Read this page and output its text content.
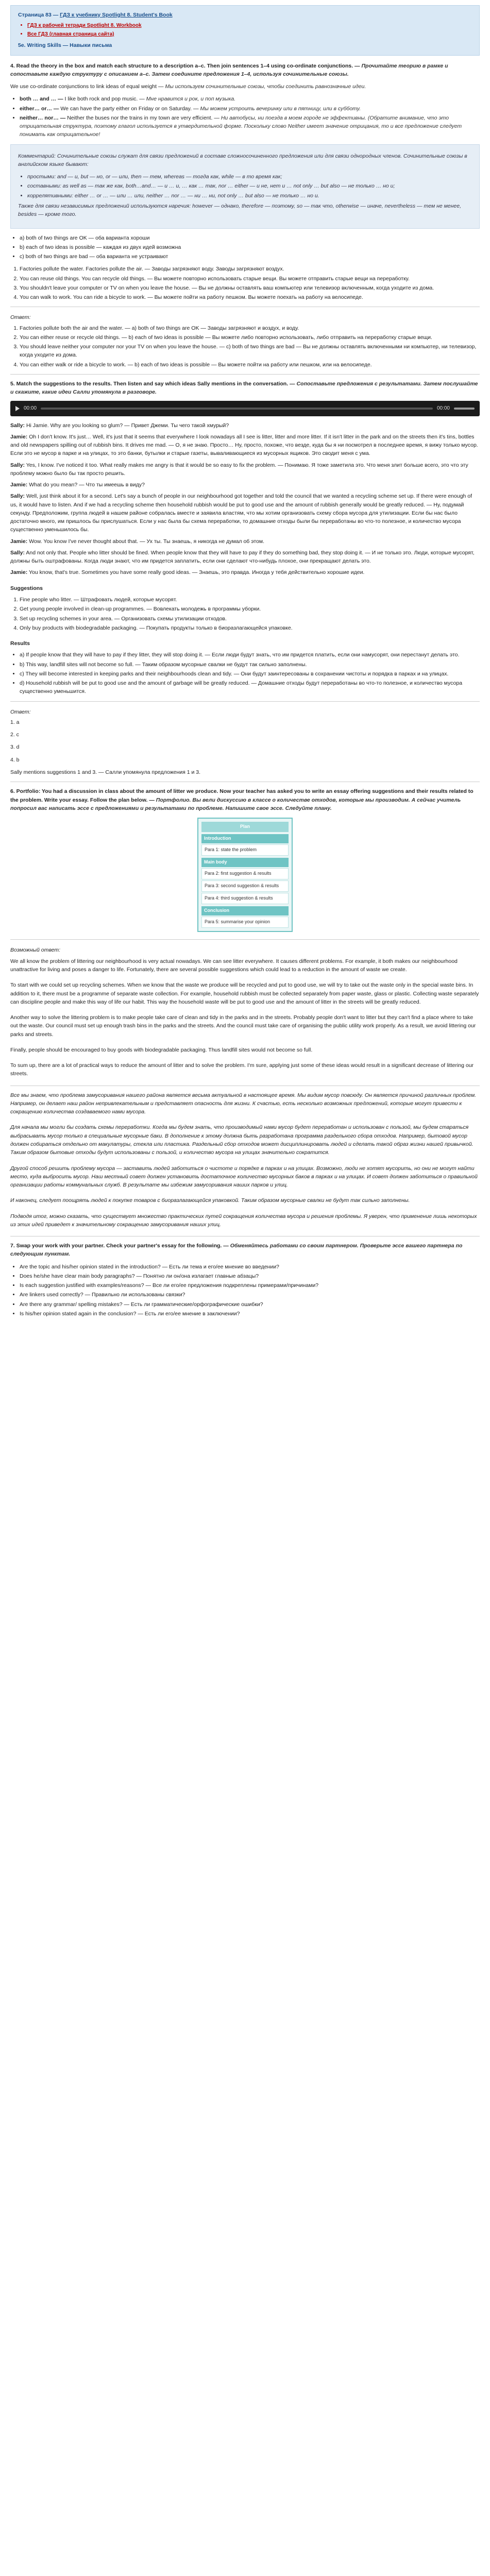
Страница 83 — ГДЗ к учебнику Spotlight 8. Student's Book
• ГДЗ к рабочей тетради Spotlight 8. Workbook
• Все ГДЗ (главная страница сайта)
5e. Writing Skills — Навыки письма

4. Read the theory in the box and match each structure to a description a–c. Then join sentences 1–4 using co-ordinate conjunctions. — Прочитайте теорию в рамке и сопоставьте каждую структуру с описанием a–c. Затем соедините предложения 1–4, используя сочинительные союзы.

We use co-ordinate conjunctions to link ideas of equal weight — Мы используем сочинительные союзы, чтобы соединить равнозначные идеи.

• both … and … — I like both rock and pop music. — Мне нравится и рок, и поп музыка.
• either… or… — We can have the party either on Friday or on Saturday. — Мы можем устроить вечеринку или в пятницу, или в субботу.
• neither… nor… — Neither the buses nor the trains in my town are very efficient. — Ни автобусы, ни поезда в моем городе не эффективны. (Обратите внимание, что это отрицательная структура, поэтому глагол используется в утвердительной форме. Поскольку слово Neither имеет значение отрицания, то и все предложение следует понимать как отрицательное!

Комментарий: Сочинительные союзы служат для связи предложений в составе сложносочиненного предложения или для связи однородных членов. Сочинительные союзы в английском языке бывают:

• простыми: and — и, but — но, or — или, then — тем, whereas — тогда как, while — в то время как;
• составными: as well as — так же как, both…and… — и … и, … как … так, nor … either — и не, нет и … not only … but also — не только … но и;
• коррелятивными: either … or … — или … или, neither … nor … — ни … ни, not only … but also — не только … но и.

Также для связи независимых предложений используются наречия: however — однако, therefore — поэтому, so — так что, otherwise — иначе, nevertheless — тем не менее, besides — кроме того.

• a) both of two things are OK — оба варианта хороши
• b) each of two ideas is possible — каждая из двух идей возможна
• c) both of two things are bad — оба варианта не устраивают
1. Factories pollute the water. Factories pollute the air. — Заводы загрязняют воду. Заводы загрязняют воздух.
2. You can reuse old things. You can recycle old things. — Вы можете повторно использовать старые вещи. Вы можете отправить старые вещи на переработку.
3. You shouldn't leave your computer or TV on when you leave the house. — Вы не должны оставлять ваш компьютер или телевизор включенным, когда уходите из дома.
4. You can walk to work. You can ride a bicycle to work. — Вы можете пойти на работу пешком. Вы можете поехать на работу на велосипеде.

Ответ:

1. Factories pollute both the air and the water. — a) both of two things are OK — Заводы загрязняют и воздух, и воду.
2. You can either reuse or recycle old things. — b) each of two ideas is possible — Вы можете либо повторно использовать, либо отправить на переработку старые вещи.
3. You should leave neither your computer nor your TV on when you leave the house. — c) both of two things are bad — Вы не должны оставлять включенными ни компьютер, ни телевизор, когда уходите из дома.
4. You can either walk or ride a bicycle to work. — b) each of two ideas is possible — Вы можете пойти на работу или пешком, или на велосипеде.

5. Match the suggestions to the results. Then listen and say which ideas Sally mentions in the conversation. — Сопоставьте предложения с результатами. Затем послушайте и скажите, какие идеи Салли упомянула в разговоре.

00:00	00:00

Sally: Hi Jamie. Why are you looking so glum? — Привет Джеми. Ты чего такой хмурый?

Jamie: Oh I don't know. It's just… Well, it's just that it seems that everywhere I look nowadays all I see is litter, litter and more litter. If it isn't litter in the park and on the streets then it's tins, bottles and old newspapers spilling out of rubbish bins. It drives me mad. — О, я не знаю. Просто… Ну, просто, похоже, что везде, куда бы я ни посмотрел в последнее время, я вижу только мусор. Если это не мусор в парке и на улицах, то это банки, бутылки и старые газеты, вываливающиеся из мусорных ящиков. Это сводит меня с ума.

Sally: Yes, I know. I've noticed it too. What really makes me angry is that it would be so easy to fix the problem. — Понимаю. Я тоже заметила это. Что меня злит больше всего, это что эту проблему можно было бы так просто решить.

Jamie: What do you mean? — Что ты имеешь в виду?

Sally: Well, just think about it for a second. Let's say a bunch of people in our neighbourhood got together and told the council that we wanted a recycling scheme set up. If there were enough of us, it would have to listen. And if we had a recycling scheme then household rubbish would be put to good use and the amount of rubbish generally would be greatly reduced. — Ну, подумай секунду. Предположим, группа людей в нашем районе собралась вместе и заявила властям, что мы хотим организовать схему сбора мусора для утилизации. Если бы нас было достаточно много, им пришлось бы прислушаться. Если у нас была бы схема переработки, то домашние отходы были бы переработаны во что-то полезное, и количество мусора существенно уменьшилось бы.

Jamie: Wow. You know I've never thought about that. — Ух ты. Ты знаешь, я никогда не думал об этом.

Sally: And not only that. People who litter should be fined. When people know that they will have to pay if they do something bad, they stop doing it. — И не только это. Люди, которые мусорят, должны быть оштрафованы. Когда люди знают, что им придется заплатить, если они сделают что-нибудь плохое, они прекращают делать это.

Jamie: You know, that's true. Sometimes you have some really good ideas. — Знаешь, это правда. Иногда у тебя действительно хорошие идеи.

Suggestions

1. Fine people who litter. — Штрафовать людей, которые мусорят.
2. Get young people involved in clean-up programmes. — Вовлекать молодежь в программы уборки.
3. Set up recycling schemes in your area. — Организовать схемы утилизации отходов.
4. Only buy products with biodegradable packaging. — Покупать продукты только в биоразлагающейся упаковке.

Results

• a) If people know that they will have to pay if they litter, they will stop doing it. — Если люди будут знать, что им придется платить, если они намусорят, они перестанут делать это.
• b) This way, landfill sites will not become so full. — Таким образом мусорные свалки не будут так сильно заполнены.
• c) They will become interested in keeping parks and their neighbourhoods clean and tidy. — Они будут заинтересованы в сохранении чистоты и порядка в парках и на улицах.
• d) Household rubbish will be put to good use and the amount of garbage will be greatly reduced. — Домашние отходы будут переработаны во что-то полезное, и количество мусора существенно уменьшится.

Ответ:

1. a

2. c

3. d

4. b

Sally mentions suggestions 1 and 3. — Салли упомянула предложения 1 и 3.

6. Portfolio: You had a discussion in class about the amount of litter we produce. Now your teacher has asked you to write an essay offering suggestions and their results related to the problem. Write your essay. Follow the plan below. — Портфолио. Вы вели дискуссию в классе о количестве отходов, которые мы производим. А сейчас учитель попросил вас написать эссе с предложениями и результатами по проблеме. Напишите свое эссе. Следуйте плану.

Plan
Introduction
Para 1: state the problem
Main body
Para 2: first suggestion & results
Para 3: second suggestion & results
Para 4: third suggestion & results
Conclusion
Para 5: summarise your opinion

Возможный ответ:

We all know the problem of littering our neighbourhood is very actual nowadays. We can see litter everywhere. It causes different problems. For example, it both makes our neighbourhood unattractive for living and poses a danger to life. Fortunately, there are several possible suggestions which could lead to a reduction in the amount of waste we create.

To start with we could set up recycling schemes. When we know that the waste we produce will be recycled and put to good use, we will try to take out the waste only in the special waste bins. In addition to it, there must be a programme of separate waste collection. For example, household rubbish must be collected separately from paper waste, glass or plastic. Collecting waste separately can discipline people and make this way of life our habit. This way the household waste will be put to good use and the amount of litter in the streets will be greatly reduced.

Another way to solve the littering problem is to make people take care of clean and tidy in the parks and in the streets. Probably people don't want to litter but they can't find a place where to take out the waste. Our council must set up enough trash bins in the parks and the streets. And the council must take care of organising the public utility work properly. As a result, we avoid littering our parks and streets.

Finally, people should be encouraged to buy goods with biodegradable packaging. Thus landfill sites would not become so full.

To sum up, there are a lot of practical ways to reduce the amount of litter and to solve the problem. I'm sure, applying just some of these ideas would result in a significant decrease of littering our streets.

Все мы знаем, что проблема замусоривания нашего района является весьма актуальной в настоящее время. Мы видим мусор повсюду. Он является причиной различных проблем. Например, он делает наш район непривлекательным и представляет опасность для жизни. К счастью, есть несколько возможных предложений, которые могут привести к сокращению количества создаваемого нами мусора.

Для начала мы могли бы создать схемы переработки. Когда мы будем знать, что производимый нами мусор будет переработан и использован с пользой, мы будем стараться выбрасывать мусор только в специальные мусорные баки. В дополнение к этому должна быть разработана программа раздельного сбора отходов. Например, бытовой мусор должен собираться отдельно от макулатуры, стекла или пластика. Раздельный сбор отходов может дисциплинировать людей и сделать такой образ жизни нашей привычкой. Таким образом бытовые отходы будут использованы с пользой, и количество мусора на улицах значительно сократится.

Другой способ решить проблему мусора — заставить людей заботиться о чистоте и порядке в парках и на улицах. Возможно, люди не хотят мусорить, но они не могут найти место, куда выбросить мусор. Наш местный совет должен установить достаточное количество мусорных баков в парках и на улицах. И совет должен заботиться о правильной организации работы коммунальных служб. В результате мы избежим замусоривания наших парков и улиц.

И наконец, следует поощрять людей к покупке товаров с биоразлагающейся упаковкой. Таким образом мусорные свалки не будут так сильно заполнены.

Подводя итог, можно сказать, что существует множество практических путей сокращения количества мусора и решения проблемы. Я уверен, что применение лишь некоторых из этих идей приведет к значительному сокращению замусоривания наших улиц.

7. Swap your work with your partner. Check your partner's essay for the following. — Обменяйтесь работами со своим партнером. Проверьте эссе вашего партнера по следующим пунктам.

• Are the topic and his/her opinion stated in the introduction? — Есть ли тема и его/ее мнение во введении?
• Does he/she have clear main body paragraphs? — Понятно ли он/она излагает главные абзацы?
• Is each suggestion justified with examples/reasons? — Все ли его/ее предложения подкреплены примерами/причинами?
• Are linkers used correctly? — Правильно ли использованы связки?
• Are there any grammar/ spelling mistakes? — Есть ли грамматические/орфографические ошибки?
• Is his/her opinion stated again in the conclusion? — Есть ли его/ее мнение в заключении?
